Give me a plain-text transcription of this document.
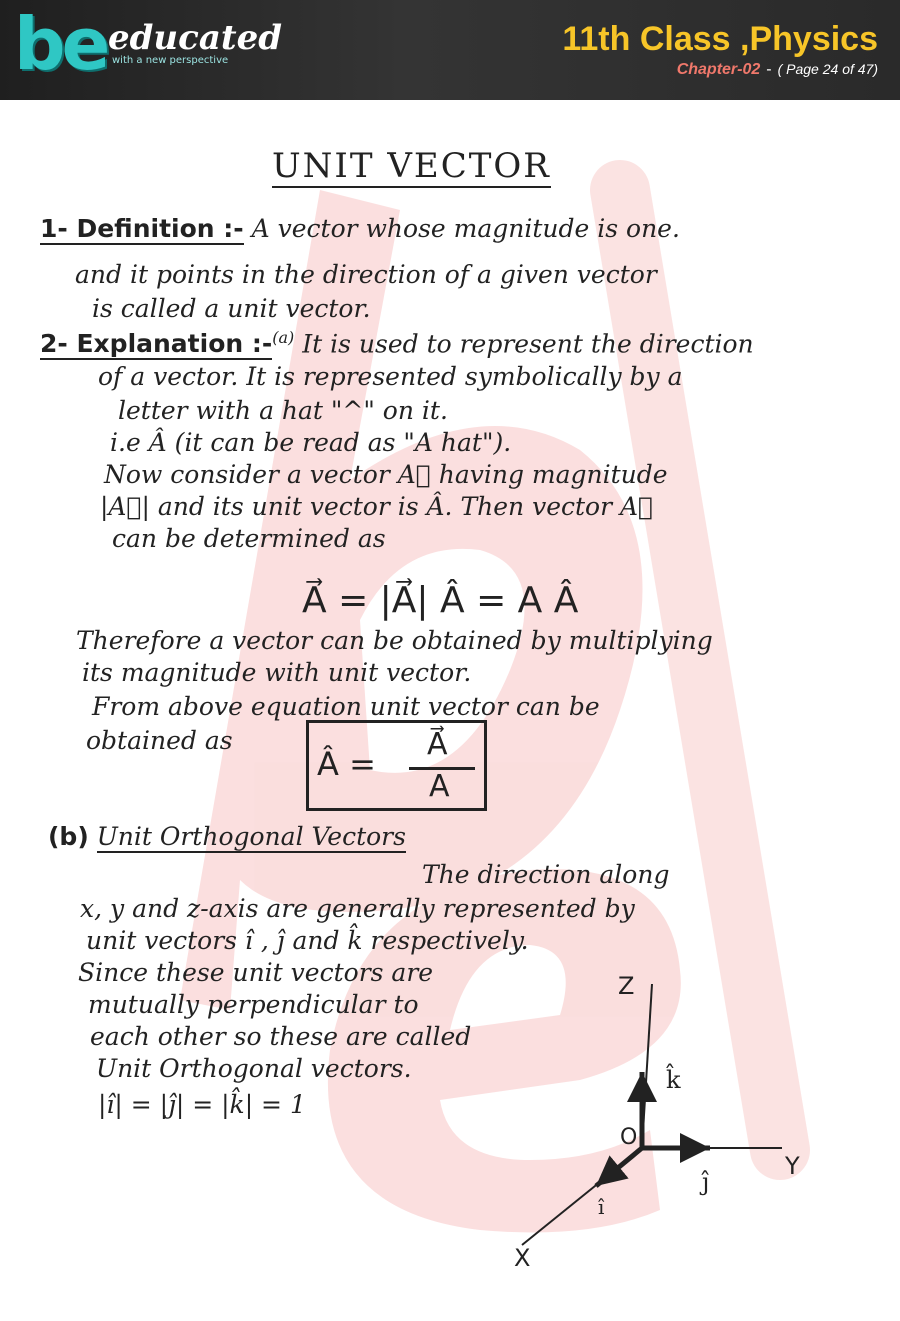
be educated
with a new perspective
11th Class ,Physics
Chapter-02 - ( Page 24 of 47)
UNIT VECTOR
1- Definition :- A vector whose magnitude is one.
and it points in the direction of a given vector
is called a unit vector.
2- Explanation :-$^{(a)}$ It is used to represent the direction
of a vector. It is represented symbolically by a
letter with a hat "^" on it.
i.e Â (it can be read as "A hat").
Now consider a vector A⃗ having magnitude
|A⃗| and its unit vector is Â. Then vector A⃗
can be determined as
A⃗ = |A⃗| Â = A Â
Therefore a vector can be obtained by multiplying
its magnitude with unit vector.
From above equation unit vector can be
obtained as
Â =
A⃗
A
(b) Unit Orthogonal Vectors
The direction along
x, y and z-axis are generally represented by
unit vectors î , ĵ and k̂ respectively.
Since these unit vectors are
mutually perpendicular to
each other so these are called
Unit Orthogonal vectors.
|î| = |ĵ| = |k̂| = 1
Z
Y
X
O
k̂
ĵ
î
